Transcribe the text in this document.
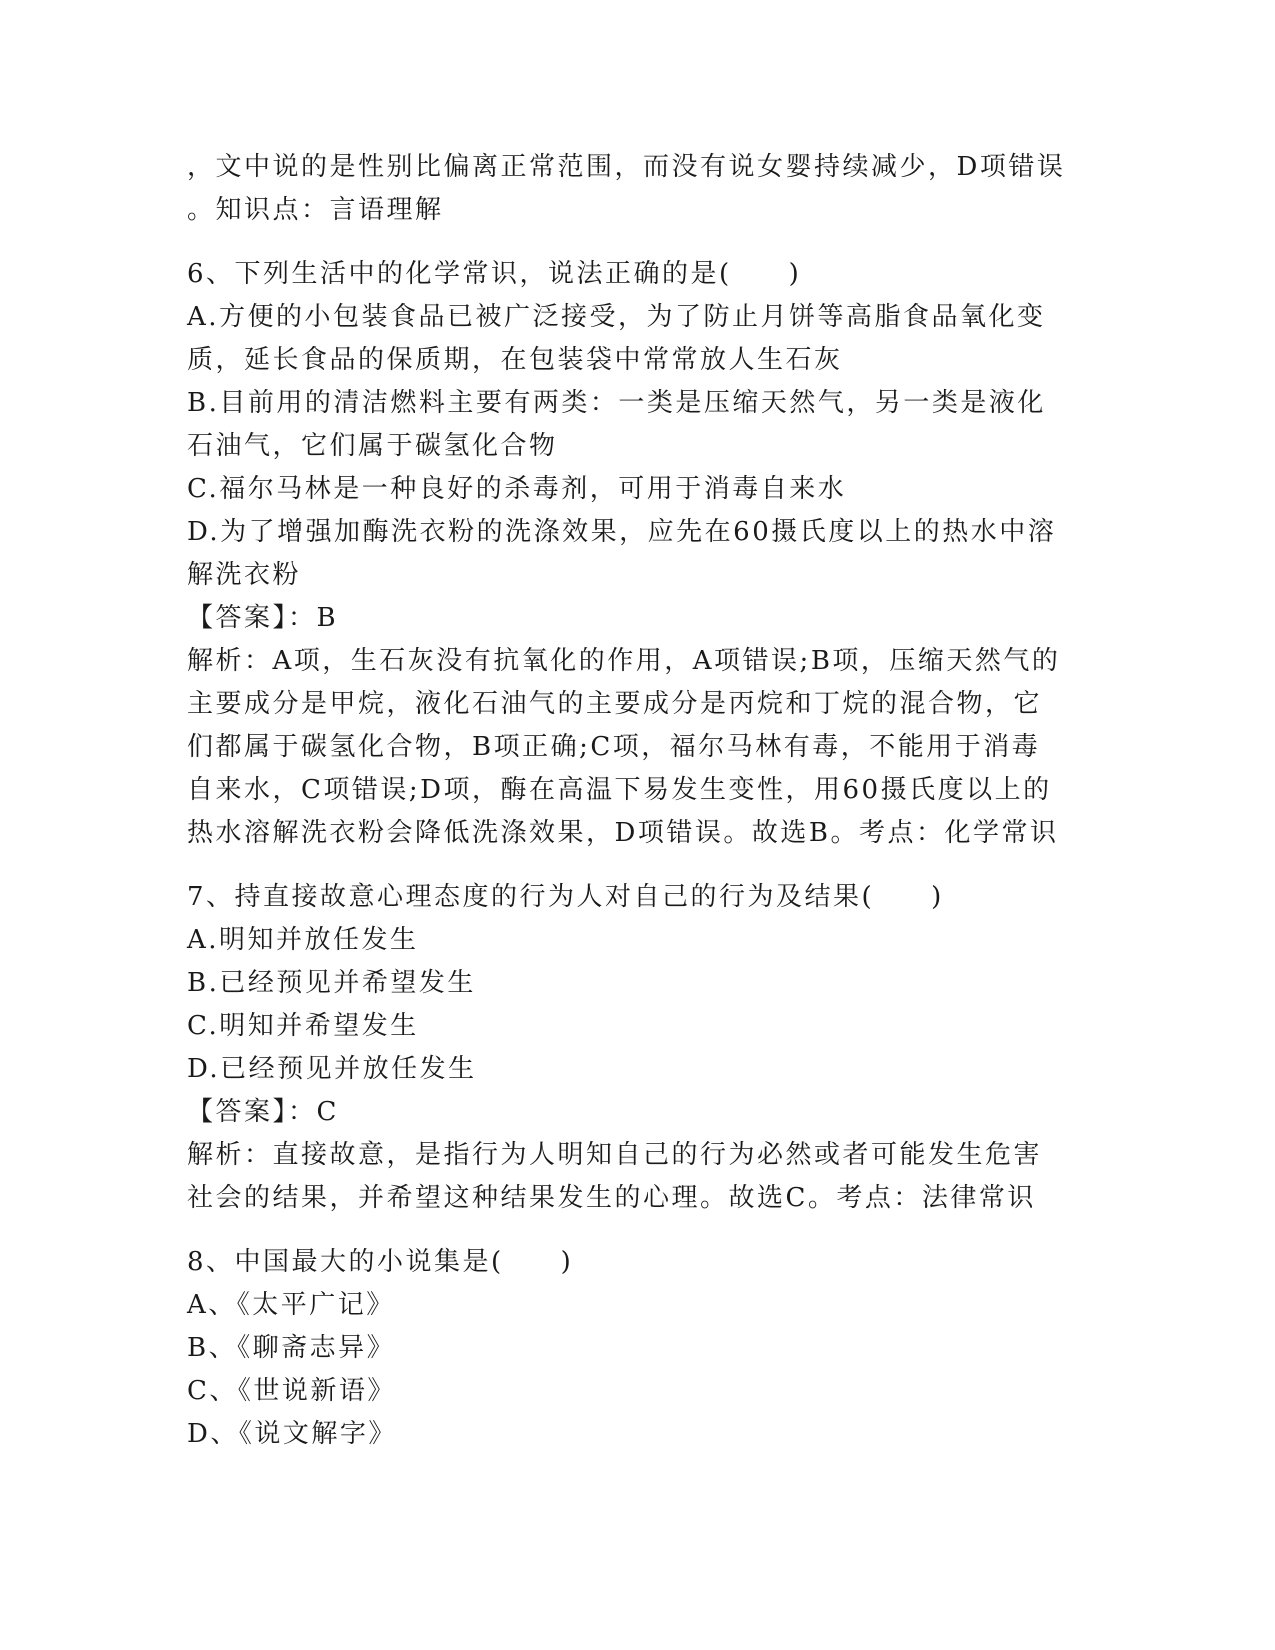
，文中说的是性别比偏离正常范围，而没有说女婴持续减少，D项错误
。知识点：言语理解
6、下列生活中的化学常识，说法正确的是(　　)
A.方便的小包装食品已被广泛接受，为了防止月饼等高脂食品氧化变
质，延长食品的保质期，在包装袋中常常放人生石灰
B.目前用的清洁燃料主要有两类：一类是压缩天然气，另一类是液化
石油气，它们属于碳氢化合物
C.福尔马林是一种良好的杀毒剂，可用于消毒自来水
D.为了增强加酶洗衣粉的洗涤效果，应先在60摄氏度以上的热水中溶
解洗衣粉
【答案】：B
解析：A项，生石灰没有抗氧化的作用，A项错误;B项，压缩天然气的
主要成分是甲烷，液化石油气的主要成分是丙烷和丁烷的混合物，它
们都属于碳氢化合物，B项正确;C项，福尔马林有毒，不能用于消毒
自来水，C项错误;D项，酶在高温下易发生变性，用60摄氏度以上的
热水溶解洗衣粉会降低洗涤效果，D项错误。故选B。考点：化学常识
7、持直接故意心理态度的行为人对自己的行为及结果(　　)
A.明知并放任发生
B.已经预见并希望发生
C.明知并希望发生
D.已经预见并放任发生
【答案】：C
解析：直接故意，是指行为人明知自己的行为必然或者可能发生危害
社会的结果，并希望这种结果发生的心理。故选C。考点：法律常识
8、中国最大的小说集是(　　)
A、《太平广记》
B、《聊斋志异》
C、《世说新语》
D、《说文解字》
